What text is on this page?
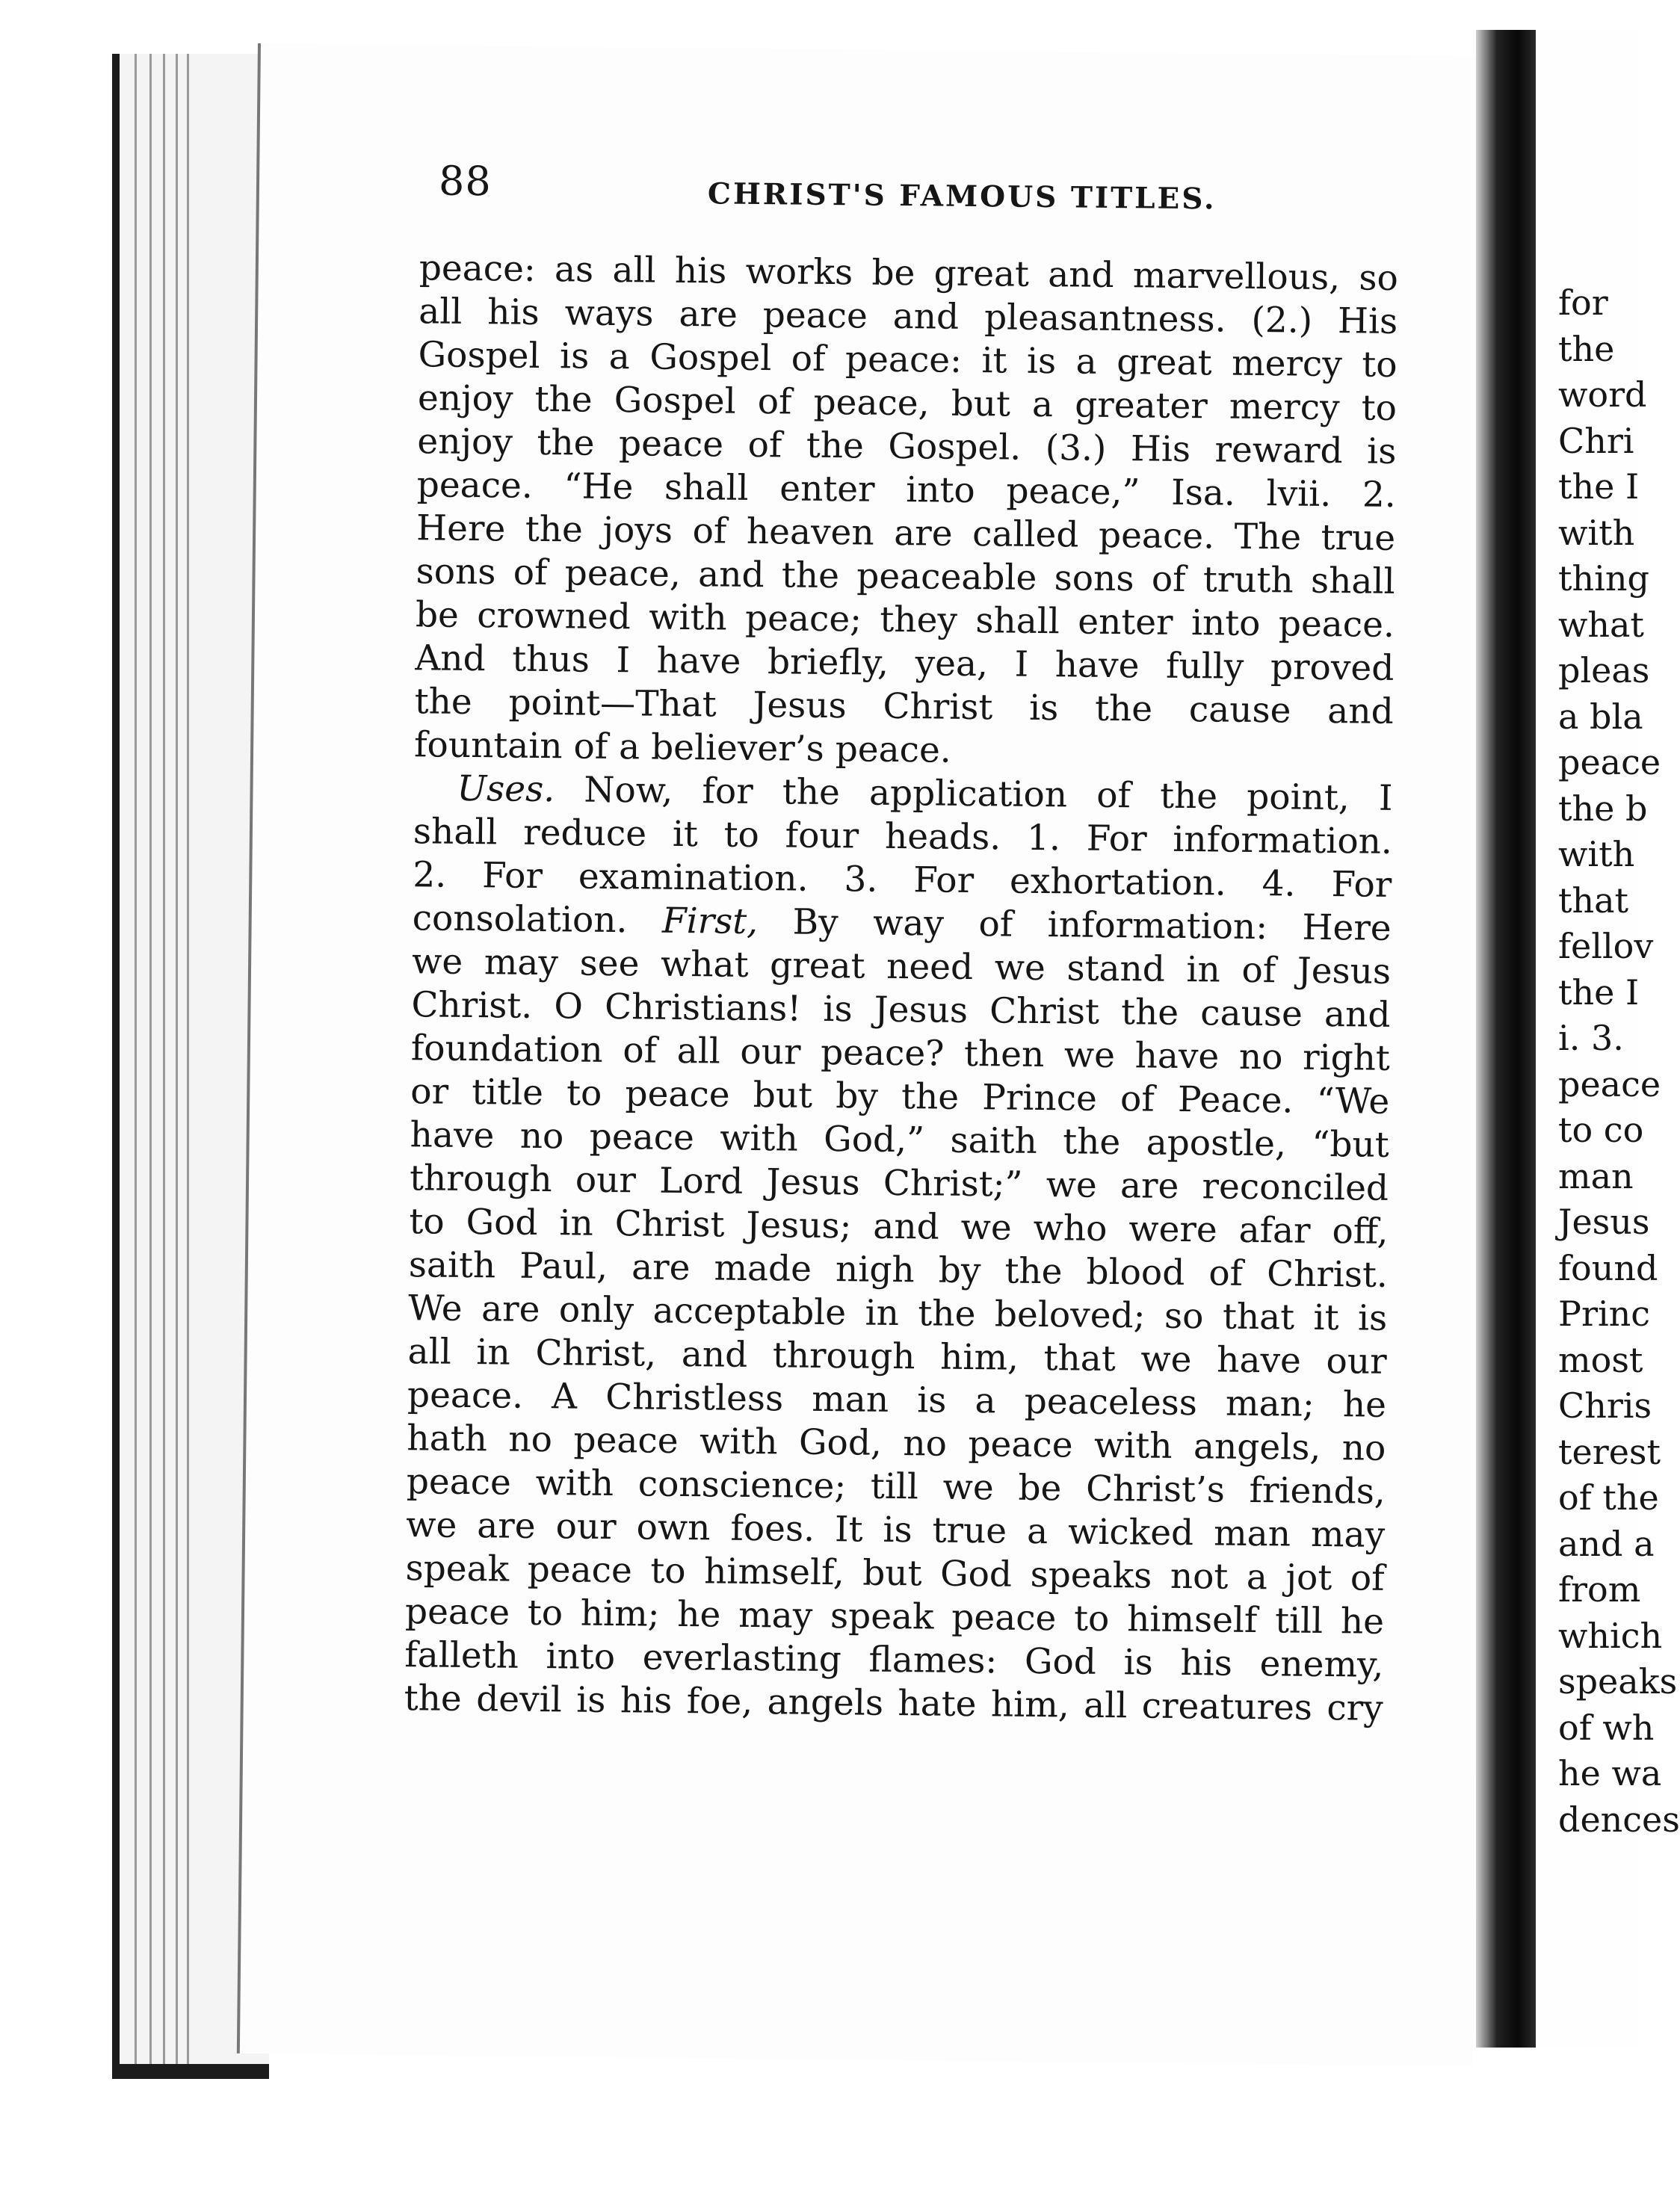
88	CHRIST'S FAMOUS TITLES.
peace: as all his works be great and marvellous, so
all his ways are peace and pleasantness. (2.) His
Gospel is a Gospel of peace: it is a great mercy to
enjoy the Gospel of peace, but a greater mercy to
enjoy the peace of the Gospel. (3.) His reward is
peace. “He shall enter into peace,” Isa. lvii. 2.
Here the joys of heaven are called peace. The true
sons of peace, and the peaceable sons of truth shall
be crowned with peace; they shall enter into peace.
And thus I have briefly, yea, I have fully proved
the point—That Jesus Christ is the cause and
fountain of a believer’s peace.
Uses. Now, for the application of the point, I
shall reduce it to four heads. 1. For information.
2. For examination. 3. For exhortation. 4. For
consolation. First, By way of information: Here
we may see what great need we stand in of Jesus
Christ. O Christians! is Jesus Christ the cause and
foundation of all our peace? then we have no right
or title to peace but by the Prince of Peace. “We
have no peace with God,” saith the apostle, “but
through our Lord Jesus Christ;” we are reconciled
to God in Christ Jesus; and we who were afar off,
saith Paul, are made nigh by the blood of Christ.
We are only acceptable in the beloved; so that it is
all in Christ, and through him, that we have our
peace. A Christless man is a peaceless man; he
hath no peace with God, no peace with angels, no
peace with conscience; till we be Christ’s friends,
we are our own foes. It is true a wicked man may
speak peace to himself, but God speaks not a jot of
peace to him; he may speak peace to himself till he
falleth into everlasting flames: God is his enemy,
the devil is his foe, angels hate him, all creatures cry
for
the
word
Chri
the I
with
thing
what
pleas
a bla
peace
the b
with
that
fellov
the I
i. 3.
peace
to co
man
Jesus
found
Princ
most
Chris
terest
of the
and a
from
which
speaks
of wh
he wa
dences
